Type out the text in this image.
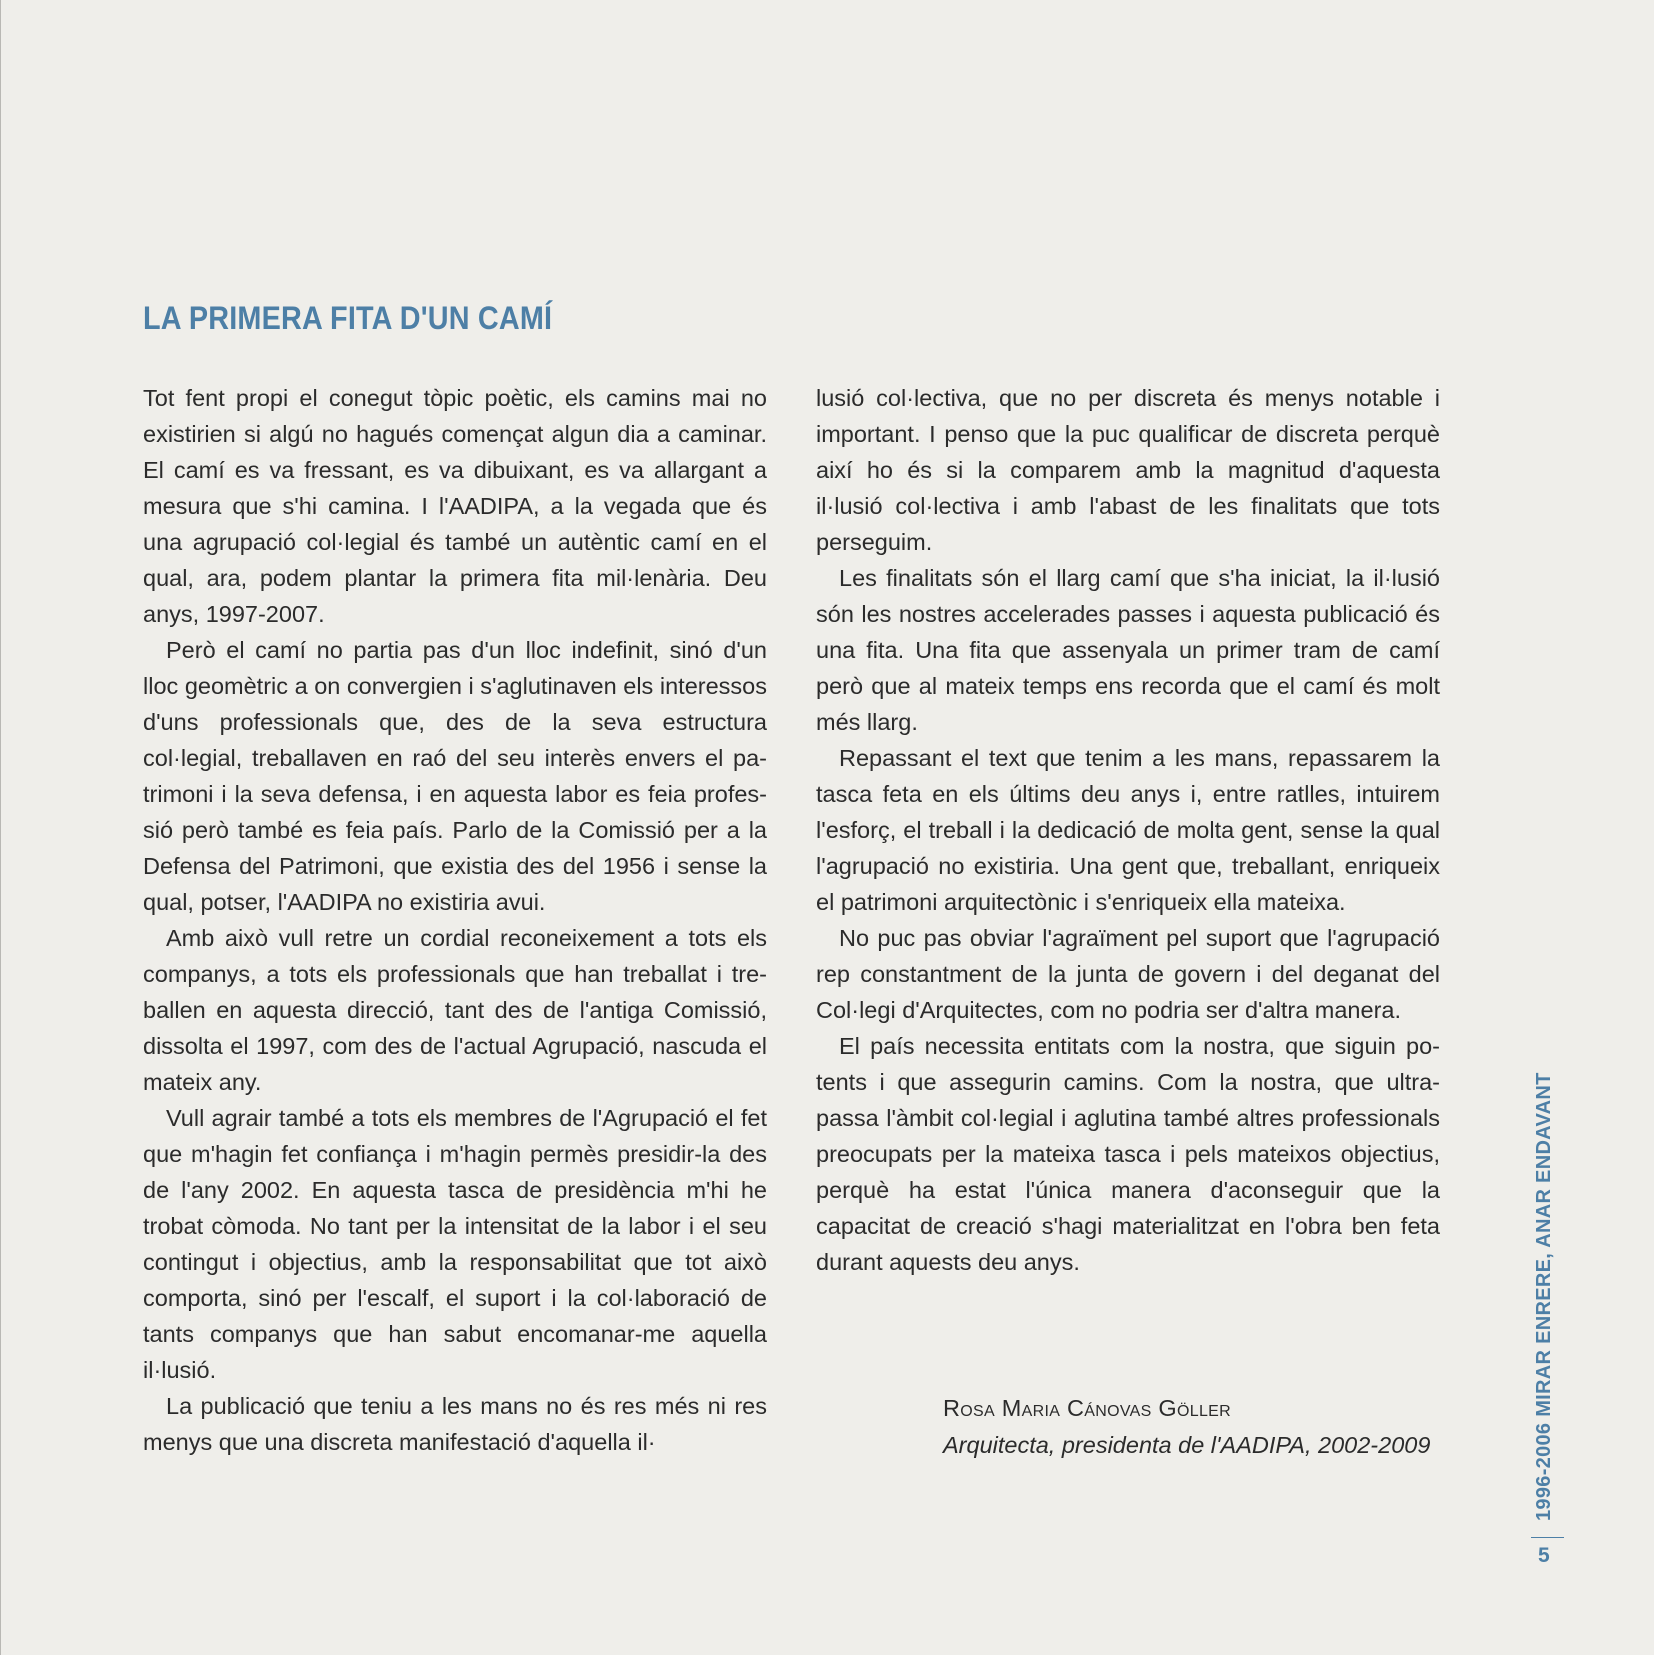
LA PRIMERA FITA D'UN CAMÍ

Tot fent propi el conegut tòpic poètic, els camins mai no existirien si algú no hagués començat algun dia a caminar. El camí es va fressant, es va dibuixant, es va allargant a mesura que s'hi camina. I l'AADIPA, a la vegada que és una agrupació col·legial és també un autèntic camí en el qual, ara, podem plantar la primera fita mil·lenària. Deu anys, 1997-2007.

Però el camí no partia pas d'un lloc indefinit, sinó d'un lloc geomètric a on convergien i s'aglutinaven els interessos d'uns professionals que, des de la seva estructura col·legial, treballaven en raó del seu interès envers el patrimoni i la seva defensa, i en aquesta labor es feia professió però també es feia país. Parlo de la Comissió per a la Defensa del Patrimoni, que existia des del 1956 i sense la qual, potser, l'AADIPA no existiria avui.

Amb això vull retre un cordial reconeixement a tots els companys, a tots els professionals que han treballat i treballen en aquesta direcció, tant des de l'antiga Comissió, dissolta el 1997, com des de l'actual Agrupació, nascuda el mateix any.

Vull agrair també a tots els membres de l'Agrupació el fet que m'hagin fet confiança i m'hagin permès presidir-la des de l'any 2002. En aquesta tasca de presidència m'hi he trobat còmoda. No tant per la intensitat de la labor i el seu contingut i objectius, amb la responsabilitat que tot això comporta, sinó per l'escalf, el suport i la col·laboració de tants companys que han sabut encomanar-me aquella il·lusió.

La publicació que teniu a les mans no és res més ni res menys que una discreta manifestació d'aquella il·

lusió col·lectiva, que no per discreta és menys notable i important. I penso que la puc qualificar de discreta perquè així ho és si la comparem amb la magnitud d'aquesta il·lusió col·lectiva i amb l'abast de les finalitats que tots perseguim.

Les finalitats són el llarg camí que s'ha iniciat, la il·lusió són les nostres accelerades passes i aquesta publicació és una fita. Una fita que assenyala un primer tram de camí però que al mateix temps ens recorda que el camí és molt més llarg.

Repassant el text que tenim a les mans, repassarem la tasca feta en els últims deu anys i, entre ratlles, intuirem l'esforç, el treball i la dedicació de molta gent, sense la qual l'agrupació no existiria. Una gent que, treballant, enriqueix el patrimoni arquitectònic i s'enriqueix ella mateixa.

No puc pas obviar l'agraïment pel suport que l'agrupació rep constantment de la junta de govern i del deganat del Col·legi d'Arquitectes, com no podria ser d'altra manera.

El país necessita entitats com la nostra, que siguin potents i que assegurin camins. Com la nostra, que ultrapassa l'àmbit col·legial i aglutina també altres professionals preocupats per la mateixa tasca i pels mateixos objectius, perquè ha estat l'única manera d'aconseguir que la capacitat de creació s'hagi materialitzat en l'obra ben feta durant aquests deu anys.

Rosa Maria Cánovas Göller
Arquitecta, presidenta de l'AADIPA, 2002-2009	1996-2006 MIRAR ENRERE, ANAR ENDAVANT
5
